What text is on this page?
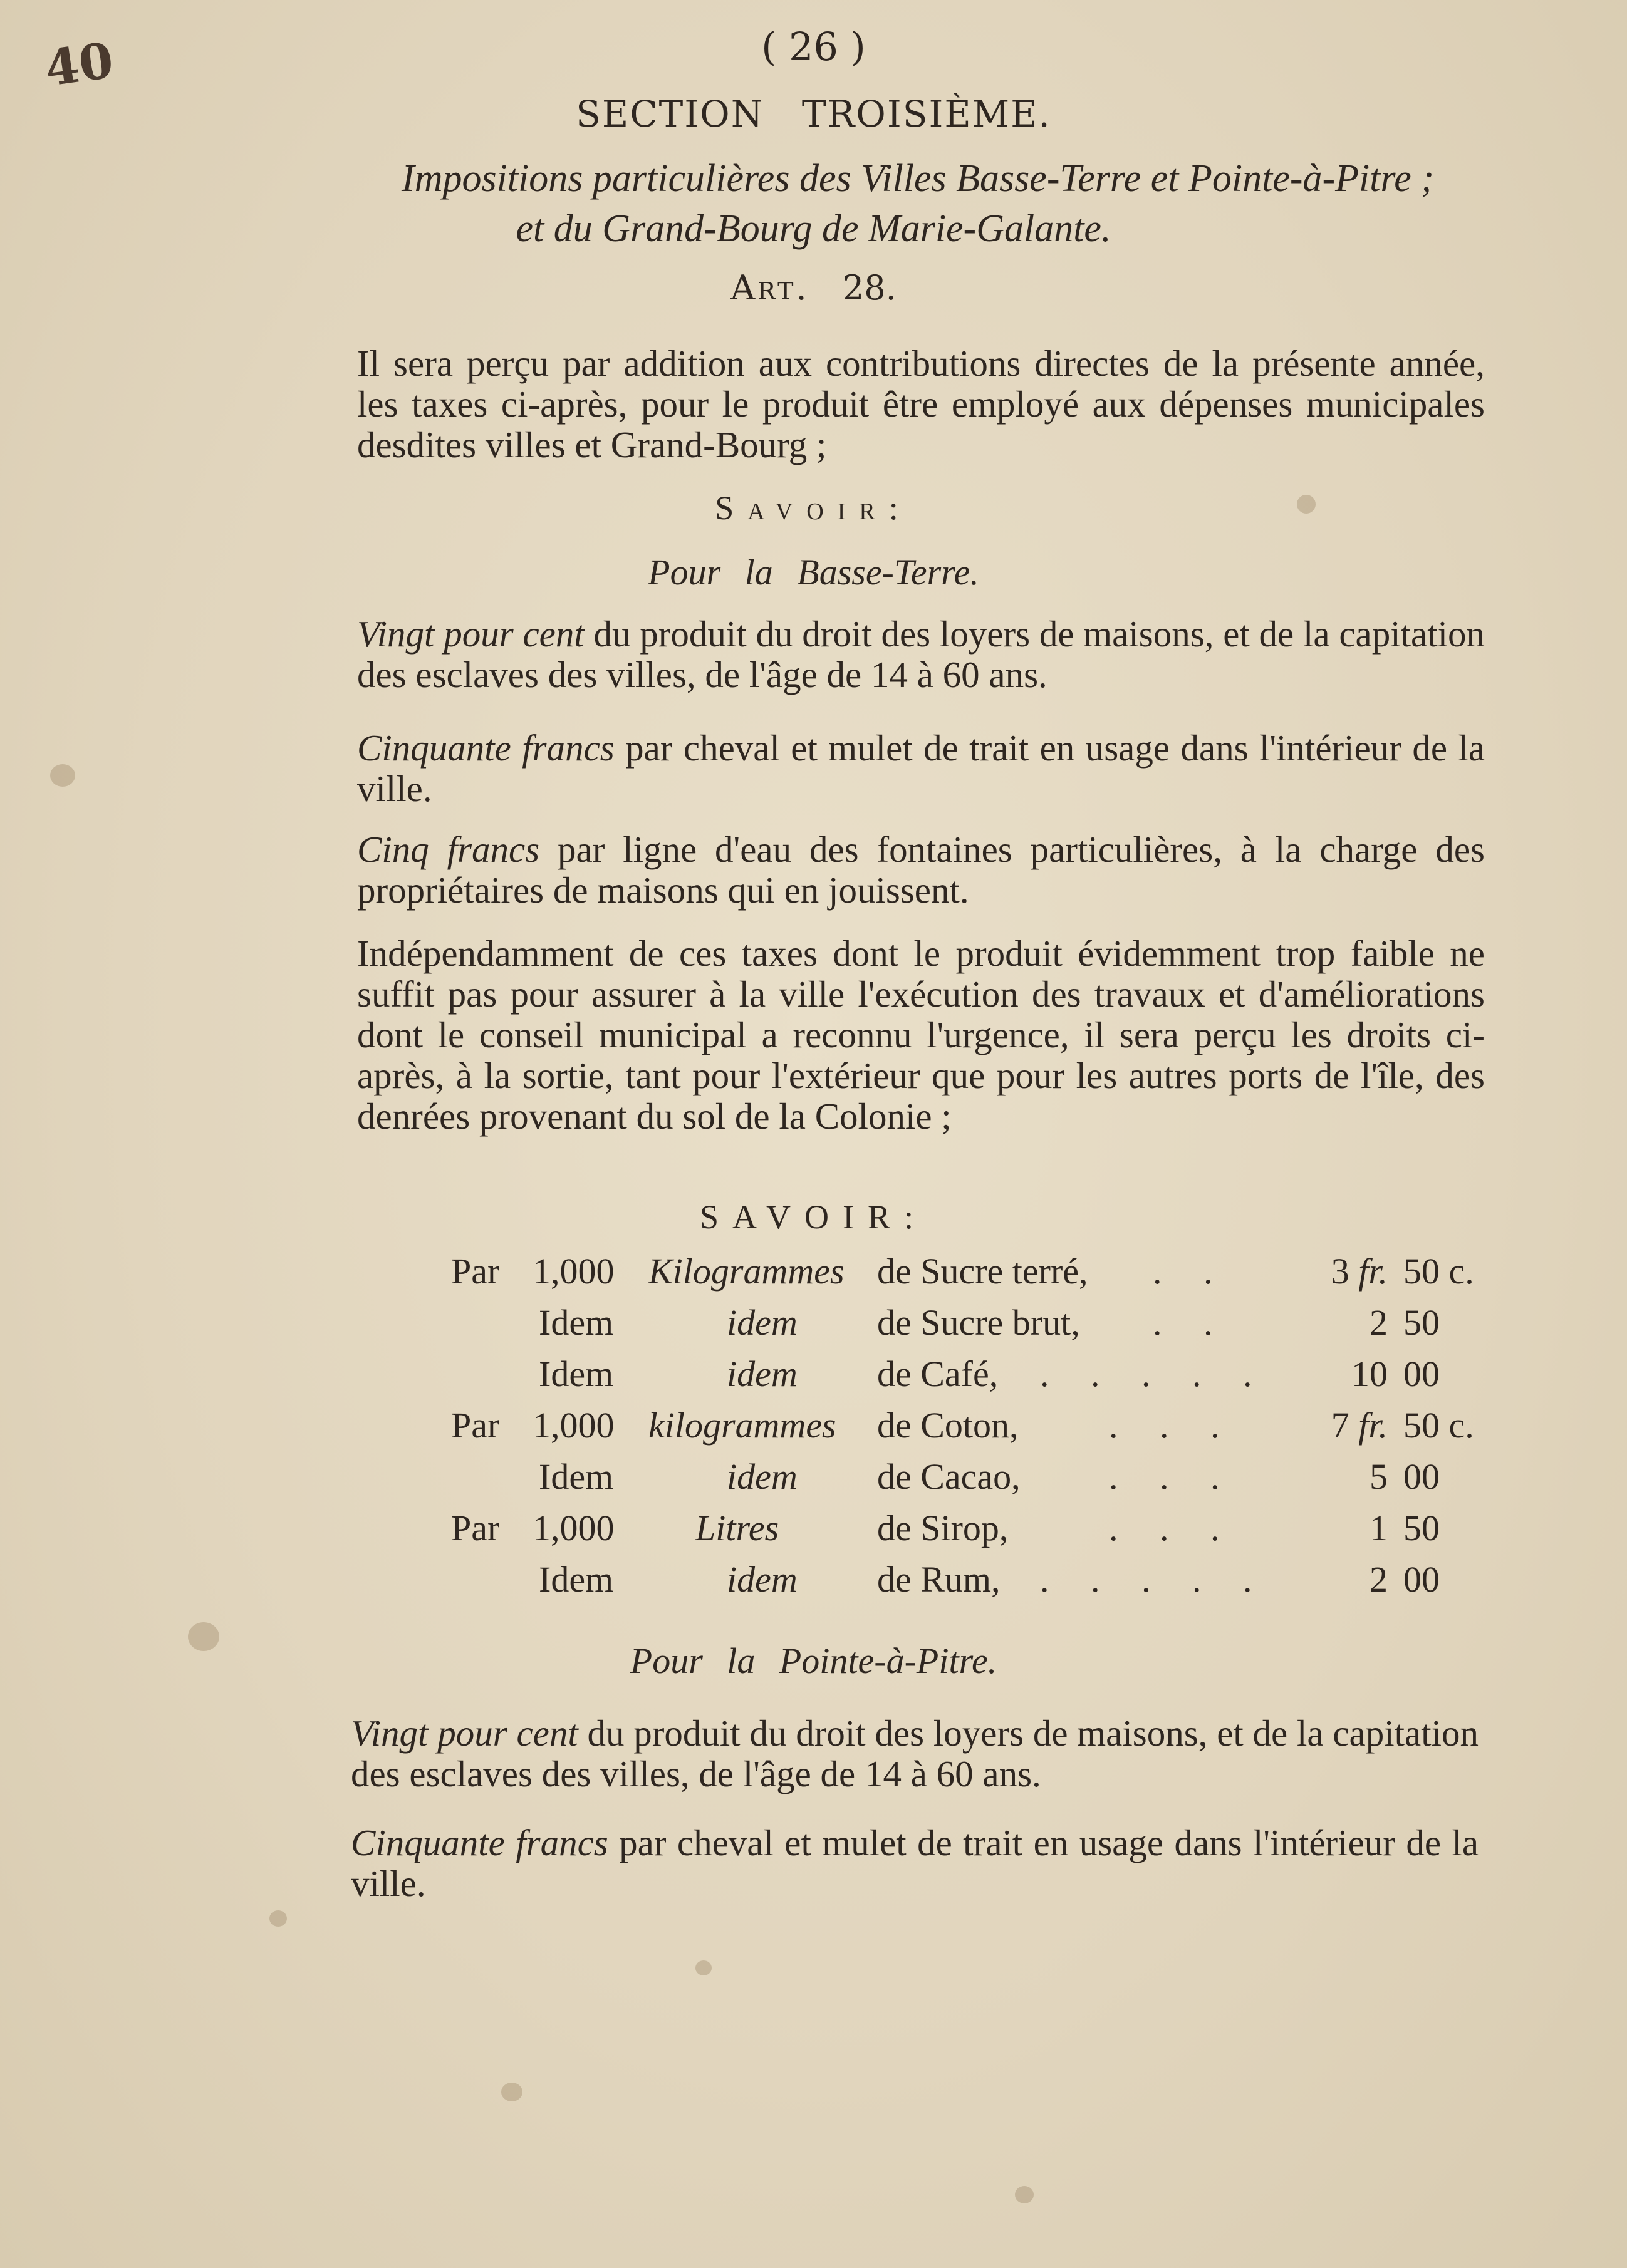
40	( 26 )
SECTION TROISIÈME.
Impositions particulières des Villes Basse-Terre et Pointe-à-Pitre ;
et du Grand-Bourg de Marie-Galante.
Art. 28.
Il sera perçu par addition aux contributions directes de la présente année, les taxes ci-après, pour le produit être employé aux dépenses municipales desdites villes et Grand-Bourg ;
Savoir:
Pour la Basse-Terre.
Vingt pour cent du produit du droit des loyers de maisons, et de la capitation des esclaves des villes, de l'âge de 14 à 60 ans.
Cinquante francs par cheval et mulet de trait en usage dans l'intérieur de la ville.
Cinq francs par ligne d'eau des fontaines particulières, à la charge des propriétaires de maisons qui en jouissent.
Indépendamment de ces taxes dont le produit évidemment trop faible ne suffit pas pour assurer à la ville l'exécution des travaux et d'améliorations dont le conseil municipal a reconnu l'urgence, il sera perçu les droits ci-après, à la sortie, tant pour l'extérieur que pour les autres ports de l'île, des denrées provenant du sol de la Colonie ;
SAVOIR:
Par 1,000 Kilogrammes de Sucre terré, . .	3 fr. 50 c.
Idem	idem de Sucre brut, . .	2 50
Idem	idem de Café, . . . . .	10 00
Par 1,000 kilogrammes de Coton, . . .	7 fr. 50 c.
Idem	idem de Cacao, . . .	5 00
Par 1,000 Litres	de Sirop,	. . .	1 50
Idem	idem de Rum, . . . . .	2 00
Pour la Pointe-à-Pitre.
Vingt pour cent du produit du droit des loyers de maisons, et de la capitation des esclaves des villes, de l'âge de 14 à 60 ans.
Cinquante francs par cheval et mulet de trait en usage dans l'intérieur de la ville.
